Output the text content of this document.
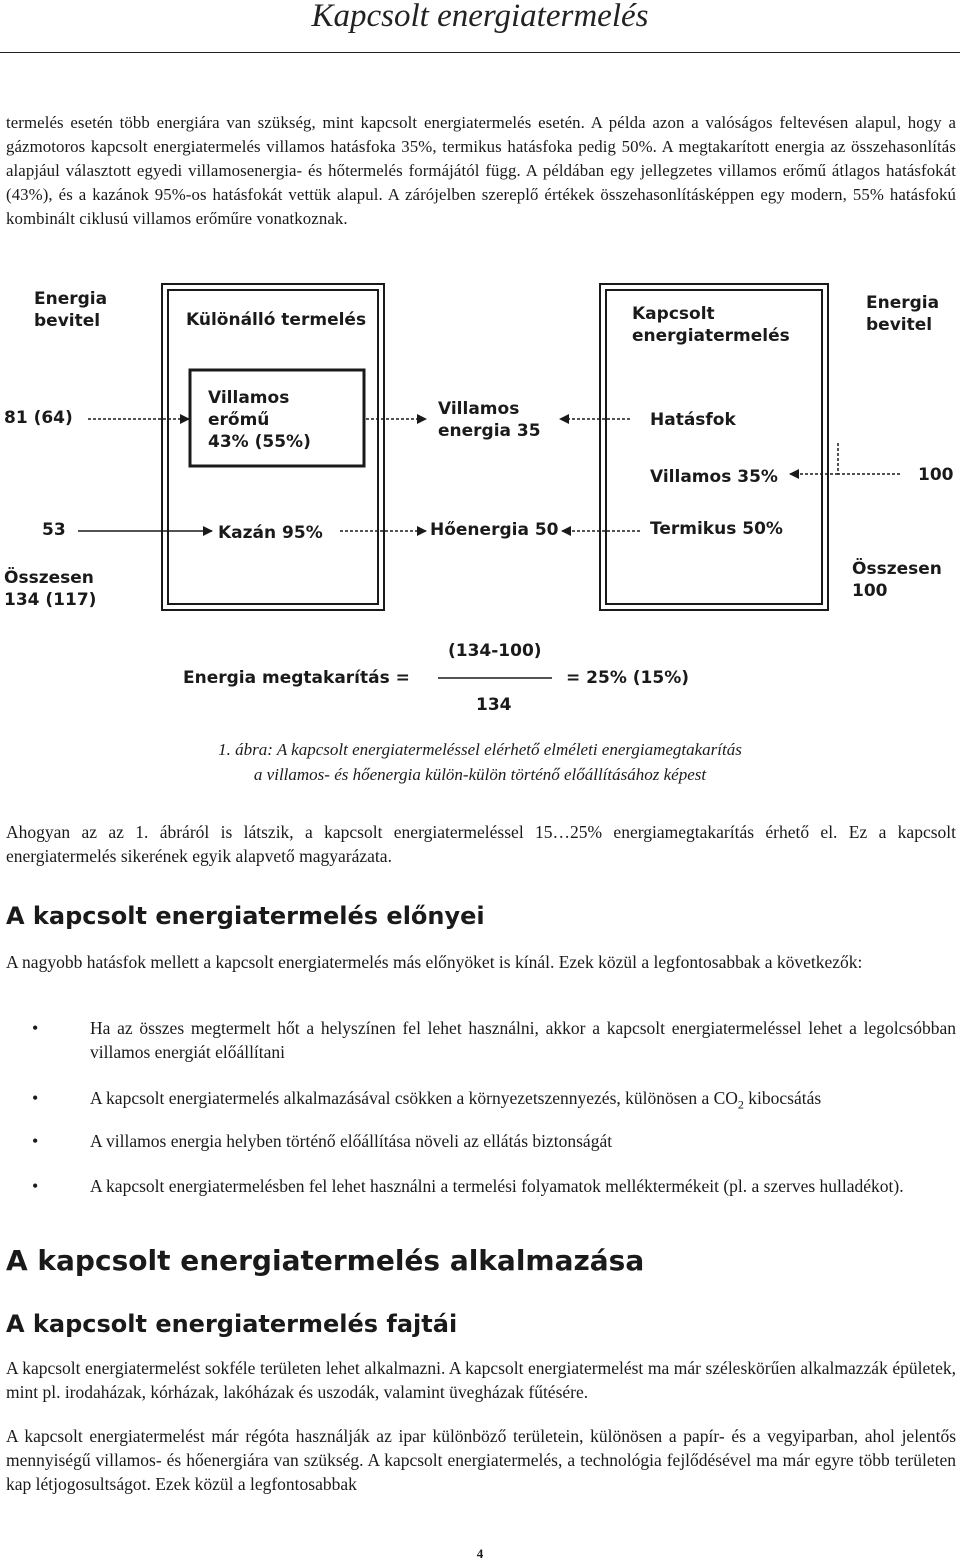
Kapcsolt energiatermelés

termelés esetén több energiára van szükség, mint kapcsolt energiatermelés esetén. A példa azon a valóságos feltevésen alapul, hogy a gázmotoros kapcsolt energiatermelés villamos hatásfoka 35%, termikus hatásfoka pedig 50%. A megtakarított energia az összehasonlítás alapjául választott egyedi villamosenergia- és hőtermelés formájától függ. A példában egy jellegzetes villamos erőmű átlagos hatásfokát (43%), és a kazánok 95%-os hatásfokát vettük alapul. A zárójelben szereplő értékek összehasonlításképpen egy modern, 55% hatásfokú kombinált ciklusú villamos erőműre vonatkoznak.

Energia bevitel	Különálló termelés	Kapcsolt energiatermelés
Energia bevitel
81 (64)
Villamos
erőmű
43% (55%)
Villamos energia 35
Hatásfok
Villamos 35%	100
53	Kazán 95%	Hőenergia 50	Termikus 50%
Összesen
134 (117)
Összesen
100
Energia megtakarítás =
(134-100)
134
= 25% (15%)
1. ábra: A kapcsolt energiatermeléssel elérhető elméleti energiamegtakarítás
a villamos- és hőenergia külön-külön történő előállításához képest

Ahogyan az az 1. ábráról is látszik, a kapcsolt energiatermeléssel 15…25% energiamegtakarítás érhető el. Ez a kapcsolt energiatermelés sikerének egyik alapvető magyarázata.

A kapcsolt energiatermelés előnyei

A nagyobb hatásfok mellett a kapcsolt energiatermelés más előnyöket is kínál. Ezek közül a legfontosabbak a következők:

•	Ha az összes megtermelt hőt a helyszínen fel lehet használni, akkor a kapcsolt energiatermeléssel lehet a legolcsóbban villamos energiát előállítani
•	A kapcsolt energiatermelés alkalmazásával csökken a környezetszennyezés, különösen a $CO_2$ kibocsátás
•	A villamos energia helyben történő előállítása növeli az ellátás biztonságát
•	A kapcsolt energiatermelésben fel lehet használni a termelési folyamatok melléktermékeit (pl. a szerves hulladékot).
A kapcsolt energiatermelés alkalmazása
A kapcsolt energiatermelés fajtái

A kapcsolt energiatermelést sokféle területen lehet alkalmazni. A kapcsolt energiatermelést ma már széleskörűen alkalmazzák épületek, mint pl. irodaházak, kórházak, lakóházak és uszodák, valamint üvegházak fűtésére.

A kapcsolt energiatermelést már régóta használják az ipar különböző területein, különösen a papír- és a vegyiparban, ahol jelentős mennyiségű villamos- és hőenergiára van szükség. A kapcsolt energiatermelés, a technológia fejlődésével ma már egyre több területen kap létjogosultságot. Ezek közül a legfontosabbak

4
